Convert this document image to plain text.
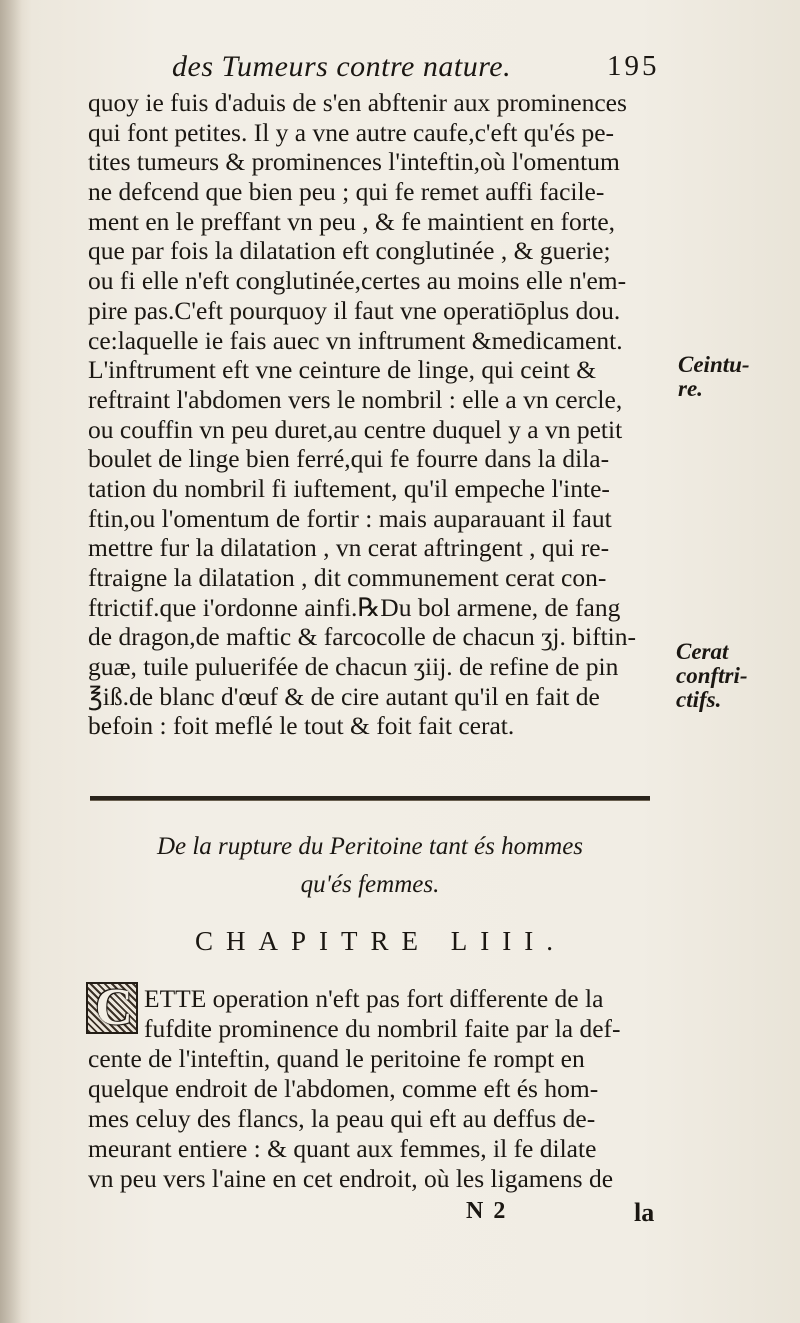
des Tumeurs contre nature.	195
quoy ie fuis d'aduis de s'en abftenir aux prominences
qui font petites. Il y a vne autre caufe,c'eft qu'és pe-
tites tumeurs & prominences l'inteftin,où l'omentum
ne defcend que bien peu ; qui fe remet auffi facile-
ment en le preffant vn peu , & fe maintient en forte,
que par fois la dilatation eft conglutinée , & guerie;
ou fi elle n'eft conglutinée,certes au moins elle n'em-
pire pas.C'eft pourquoy il faut vne operatiōplus dou.
ce:laquelle ie fais auec vn inftrument &medicament.
L'inftrument eft vne ceinture de linge, qui ceint &
reftraint l'abdomen vers le nombril : elle a vn cercle,
ou couffin vn peu duret,au centre duquel y a vn petit
boulet de linge bien ferré,qui fe fourre dans la dila-
tation du nombril fi iuftement, qu'il empeche l'inte-
ftin,ou l'omentum de fortir : mais auparauant il faut
mettre fur la dilatation , vn cerat aftringent , qui re-
ftraigne la dilatation , dit communement cerat con-
ftrictif.que i'ordonne ainfi.℞Du bol armene, de fang
de dragon,de maftic & farcocolle de chacun ʒj. biftin-
guæ, tuile puluerifée de chacun ʒiij. de refine de pin
℥iß.de blanc d'œuf & de cire autant qu'il en fait de
befoin : foit meflé le tout & foit fait cerat.
Ceintu-
re.
Cerat
conftri-
ctifs.
De la rupture du Peritoine tant és hommes
qu'és femmes.
CHAPITRE LIII.
C ETTE operation n'eft pas fort differente de la
fufdite prominence du nombril faite par la def-
cente de l'inteftin, quand le peritoine fe rompt en
quelque endroit de l'abdomen, comme eft és hom-
mes celuy des flancs, la peau qui eft au deffus de-
meurant entiere : & quant aux femmes, il fe dilate
vn peu vers l'aine en cet endroit, où les ligamens de
N 2	la
